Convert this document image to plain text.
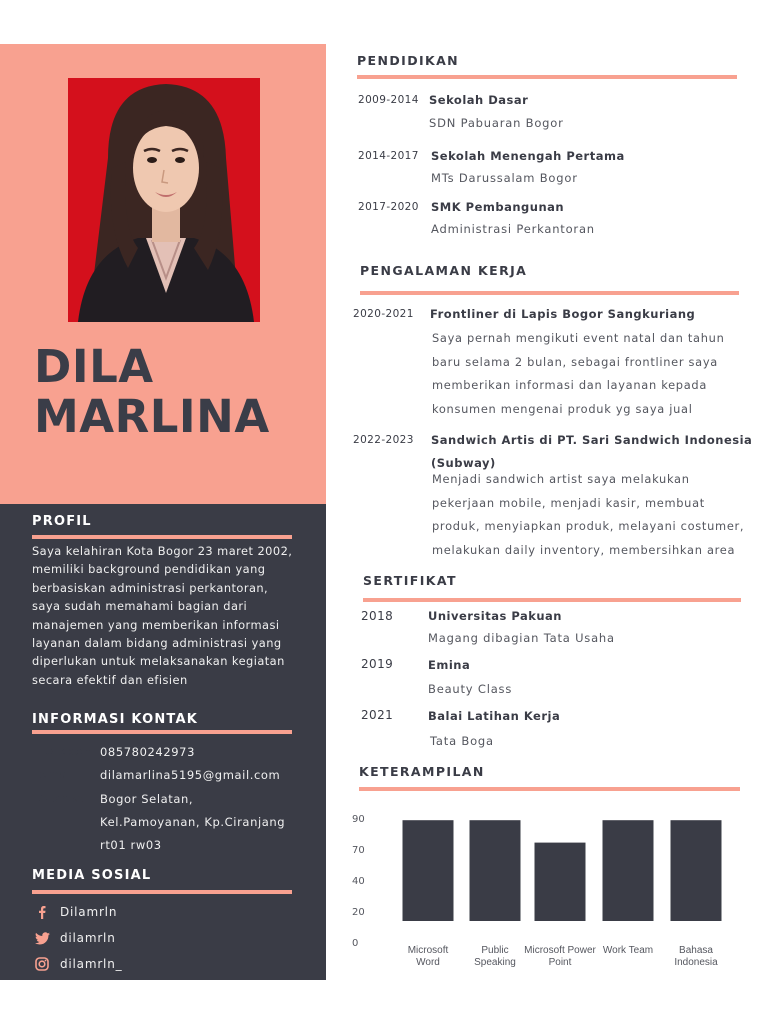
DILA
MARLINA
PROFIL
Saya kelahiran Kota Bogor 23 maret 2002, memiliki background pendidikan yang berbasiskan administrasi perkantoran, saya sudah memahami bagian dari manajemen yang memberikan informasi layanan dalam bidang administrasi yang diperlukan untuk melaksanakan kegiatan secara efektif dan efisien
INFORMASI KONTAK
Telepon 085780242973
email dilamarlina5195@gmail.com
Alamat Bogor Selatan,
Kel.Pamoyanan, Kp.Ciranjang
rt01 rw03
MEDIA SOSIAL
Dilamrln
dilamrln
dilamrln_
PENDIDIKAN
2009-2014 Sekolah Dasar
SDN Pabuaran Bogor
2014-2017 Sekolah Menengah Pertama
MTs Darussalam Bogor
2017-2020 SMK Pembangunan
Administrasi Perkantoran
PENGALAMAN KERJA
2020-2021 Frontliner di Lapis Bogor Sangkuriang
Saya pernah mengikuti event natal dan tahun
baru selama 2 bulan, sebagai frontliner saya
memberikan informasi dan layanan kepada
konsumen mengenai produk yg saya jual
2022-2023 Sandwich Artis di PT. Sari Sandwich Indonesia
(Subway)
Menjadi sandwich artist saya melakukan
pekerjaan mobile, menjadi kasir, membuat
produk, menyiapkan produk, melayani costumer,
melakukan daily inventory, membersihkan area
SERTIFIKAT
2018	Universitas Pakuan
Magang dibagian Tata Usaha
2019	Emina
Beauty Class
2021	Balai Latihan Kerja
Tata Boga
KETERAMPILAN
0
20
40
70
90
Microsoft
Word
Public
Speaking
Microsoft Power
Point
Work Team	Bahasa
Indonesia
